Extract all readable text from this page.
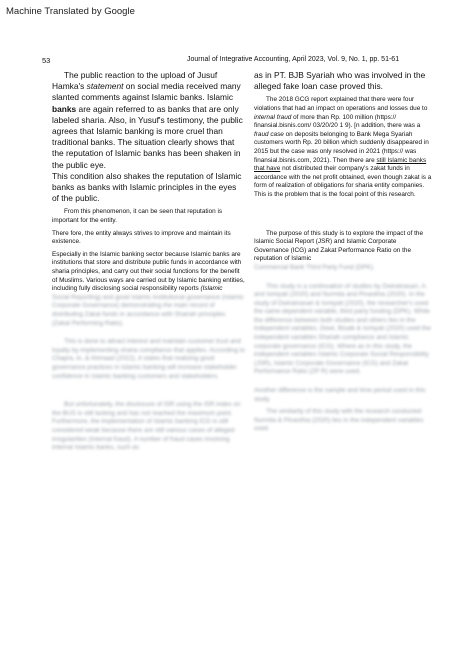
Machine Translated by Google
53	Journal of Integrative Accounting, April 2023, Vol. 9, No. 1, pp. 51-61

The public reaction to the upload of Jusuf Hamka's statement on social media received many slanted comments against Islamic banks. Islamic banks are again referred to as banks that are only labeled sharia. Also, in Yusuf's testimony, the public agrees that Islamic banking is more cruel than traditional banks. The situation clearly shows that the reputation of Islamic banks has been shaken in the public eye.

This condition also shakes the reputation of Islamic banks as banks with Islamic principles in the eyes of the public.

From this phenomenon, it can be seen that reputation is important for the entity.

There fore, the entity always strives to improve and maintain its existence.

Especially in the Islamic banking sector because Islamic banks are institutions that store and distribute public funds in accordance with sharia principles, and carry out their social functions for the benefit of Muslims. Various ways are carried out by Islamic banking entities, including fully disclosing social responsibility reports (Islamic

Social Reporting) and good Islamic institutional governance (Islamic Corporate Governance) demonstrating the main record of distributing Zakat funds in accordance with Shariah principles (Zakat Performing Ratio).

This is done to attract interest and maintain customer trust and loyalty by implementing sharia compliance that applies. According to Chapra, in, & Ahmaad (2022), it states that realizing good governance practices in Islamic banking will increase stakeholder confidence in Islamic banking customers and stakeholders.

But unfortunately, the disclosure of ISR using the ISR index on the BUS is still lacking and has not reached the maximum point. Furthermore, the implementation of Islamic banking ICG is still considered weak because there are still various cases of alleged irregularities (Internal fraud). A number of fraud cases involving internal Islamic banks, such as

as in PT. BJB Syariah who was involved in the alleged fake loan case proved this.

The 2018 GCG report explained that there were four violations that had an impact on operations and losses due to internal fraud of more than Rp. 100 million (https:// finansial.bisnis.com/ 03/20/20 1 9). [n addition, there was a fraud case on deposits belonging to Bank Mega Syariah customers worth Rp. 20 billion which suddenly disappeared in 2015 but the case was only resolved in 2021 (https:// was finansial.bisnis.com, 2021). Then there are still Islamic banks that have not distributed their company's zakat funds in accordance with the net profit obtained, even though zakat is a form of realization of obligations for sharia entity companies. This is the problem that is the focal point of this research.

The purpose of this study is to explore the impact of the Islamic Social Report (JSR) and Islamic Corporate Governance (ICG) and Zakat Performance Ratio on the reputation of Islamic

Commercial Bank Third Party Fund (DPK).

This study is a continuation of studies by Dwiratnasari, A. and Ismiyati (2020) and Nurmila and Pinasthia (2020). In the study of Dwiratnasari & Ismiyati (2020), the researcher's used the same dependent variable, third party funding (DPK). While the difference between both studies and others lies in the independent variables. Dewi, Bisaik & Ismiyati (2020) used the independent variables Shariah compliance and Islamic corporate governance (ICG). Where as in this study, the independent variables Islamic Corporate Social Responsibility (JSR), Islamic Corporate Governance (ICG) and Zakat Performance Ratio (ZP R) were used.

Another difference is the sample and time period used in this study.

The similarity of this study with the research conducted Nurmila & Pinasthia (2020) lies in the independent variables used.
